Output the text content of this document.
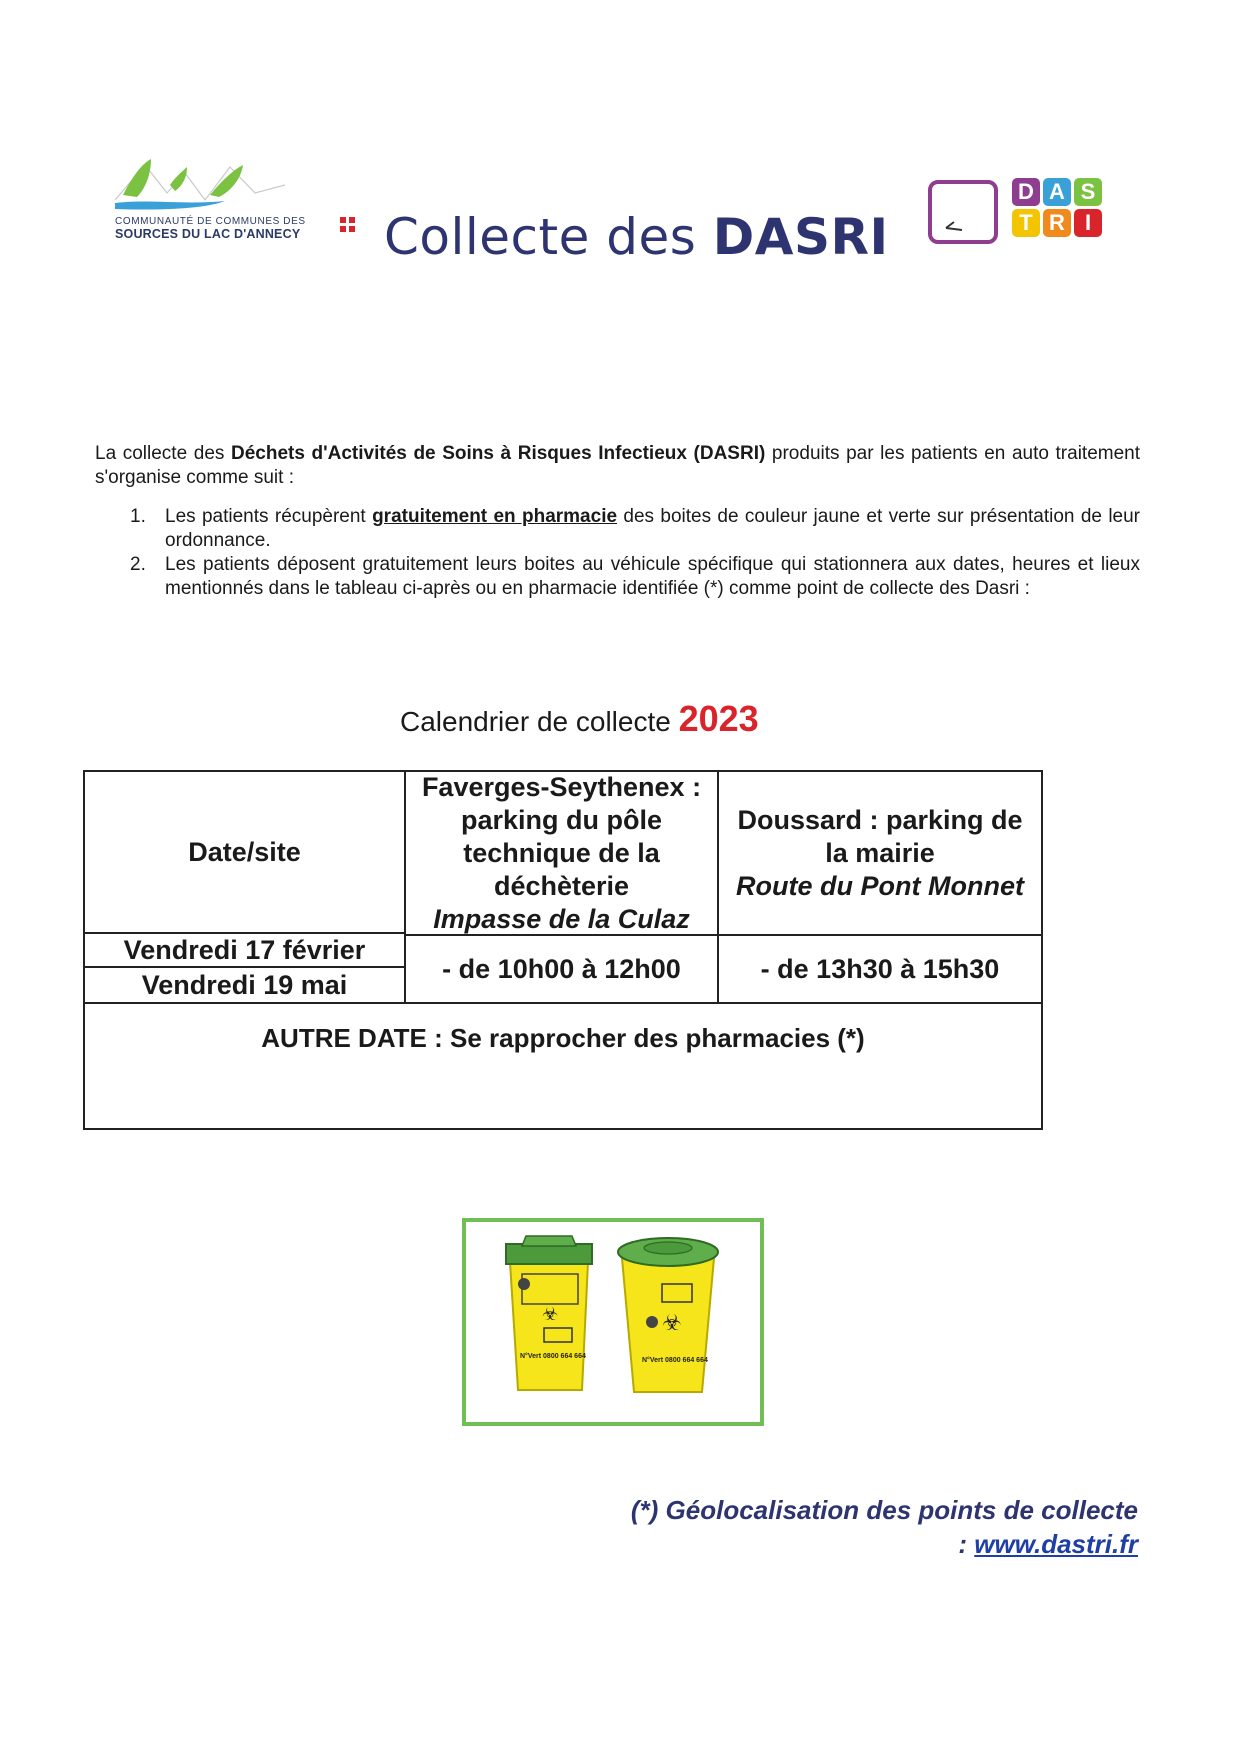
COMMUNAUTÉ DE COMMUNES DES
SOURCES DU LAC D'ANNECY	Collecte des DASRI
D A S
T R I
La collecte des Déchets d'Activités de Soins à Risques Infectieux (DASRI) produits par les patients en auto traitement s'organise comme suit :
1. Les patients récupèrent gratuitement en pharmacie des boites de couleur jaune et verte sur présentation de leur ordonnance.
2. Les patients déposent gratuitement leurs boites au véhicule spécifique qui stationnera aux dates, heures et lieux mentionnés dans le tableau ci-après ou en pharmacie identifiée (*) comme point de collecte des Dasri :
Calendrier de collecte 2023
Date/site
Faverges-Seythenex :
parking du pôle
technique de la
déchèterie
Impasse de la Culaz
Doussard : parking de
la mairie
Route du Pont Monnet
Vendredi 17 février
Vendredi 19 mai
- de 10h00 à 12h00	- de 13h30 à 15h30
AUTRE DATE : Se rapprocher des pharmacies (*)
☣
N°Vert 0800 664 664
☣
N°Vert 0800 664 664
(*) Géolocalisation des points de collecte
: www.dastri.fr
